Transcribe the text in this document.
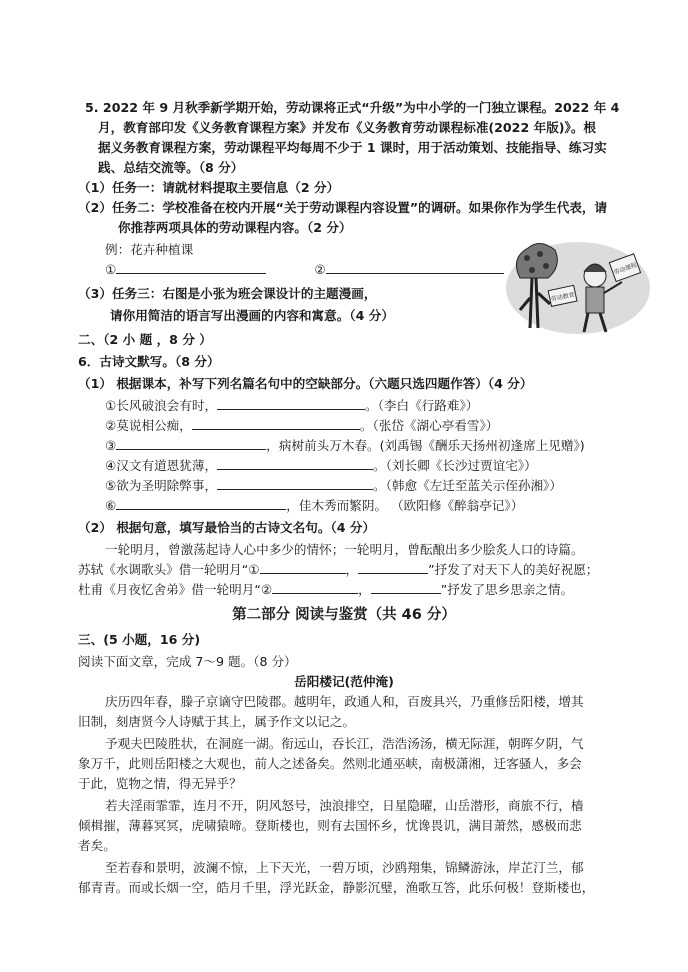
5. 2022 年 9 月秋季新学期开始，劳动课将正式“升级”为中小学的一门独立课程。2022 年 4
月，教育部印发《义务教育课程方案》并发布《义务教育劳动课程标准(2022 年版)》。根
据义务教育课程方案，劳动课程平均每周不少于 1 课时，用于活动策划、技能指导、练习实
践、总结交流等。（8 分）
（1）任务一：请就材料提取主要信息（2 分）
（2）任务二：学校准备在校内开展“关于劳动课程内容设置”的调研。如果你作为学生代表，请
你推荐两项具体的劳动课程内容。（2 分）
例：花卉种植课
①	②
（3）任务三：右图是小张为班会课设计的主题漫画，
请你用简洁的语言写出漫画的内容和寓意。（4 分）
劳动教育
劳动课程
二、（2 小 题 ，8 分 ）
6．古诗文默写。（8 分）
（1） 根据课本，补写下列名篇名句中的空缺部分。（六题只选四题作答）（4 分）
①长风破浪会有时，	。（李白《行路难》）
②莫说相公痴，	。（张岱《湖心亭看雪》）
③	，病树前头万木春。(刘禹锡《酬乐天扬州初逢席上见赠》)
④汉文有道恩犹薄，	。（刘长卿《长沙过贾谊宅》）
⑤欲为圣明除弊事，	。（韩愈《左迁至蓝关示侄孙湘》）
⑥	，佳木秀而繁阴。 （欧阳修《醉翁亭记》）
（2） 根据句意，填写最恰当的古诗文名句。（4 分）
一轮明月，曾激荡起诗人心中多少的情怀；一轮明月，曾酝酿出多少脍炙人口的诗篇。
苏轼《水调歌头》借一轮明月“①	，	”抒发了对天下人的美好祝愿；
杜甫《月夜忆舍弟》借一轮明月“②	，	”抒发了思乡思亲之情。
第二部分 阅读与鉴赏（共 46 分）
三、(5 小题，16 分)
阅读下面文章，完成 7～9 题。（8 分）
岳阳楼记(范仲淹)
庆历四年春，滕子京谪守巴陵郡。越明年，政通人和，百废具兴，乃重修岳阳楼，增其
旧制，刻唐贤今人诗赋于其上，属予作文以记之。
予观夫巴陵胜状，在洞庭一湖。衔远山，吞长江，浩浩汤汤，横无际涯，朝晖夕阴，气
象万千，此则岳阳楼之大观也，前人之述备矣。然则北通巫峡，南极潇湘，迁客骚人，多会
于此，览物之情，得无异乎？
若夫淫雨霏霏，连月不开，阴风怒号，浊浪排空，日星隐曜，山岳潜形，商旅不行，樯
倾楫摧，薄暮冥冥，虎啸猿啼。登斯楼也，则有去国怀乡，忧谗畏讥，满目萧然，感极而悲
者矣。
至若春和景明，波澜不惊，上下天光，一碧万顷，沙鸥翔集，锦鳞游泳，岸芷汀兰，郁
郁青青。而或长烟一空，皓月千里，浮光跃金，静影沉璧，渔歌互答，此乐何极！登斯楼也，
